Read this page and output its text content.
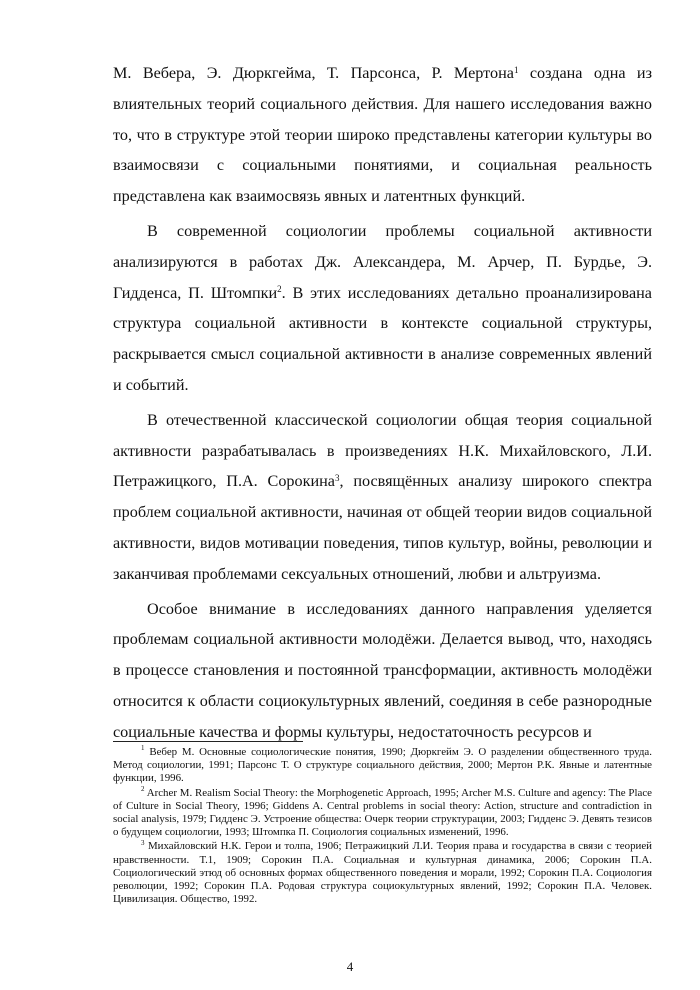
М. Вебера, Э. Дюркгейма, Т. Парсонса, Р. Мертона$^1$ создана одна из влиятельных теорий социального действия. Для нашего исследования важно то, что в структуре этой теории широко представлены категории культуры во взаимосвязи с социальными понятиями, и социальная реальность представлена как взаимосвязь явных и латентных функций.

В современной социологии проблемы социальной активности анализируются в работах Дж. Александера, М. Арчер, П. Бурдье, Э. Гидденса, П. Штомпки$^2$. В этих исследованиях детально проанализирована структура социальной активности в контексте социальной структуры, раскрывается смысл социальной активности в анализе современных явлений и событий.

В отечественной классической социологии общая теория социальной активности разрабатывалась в произведениях Н.К. Михайловского, Л.И. Петражицкого, П.А. Сорокина$^3$, посвящённых анализу широкого спектра проблем социальной активности, начиная от общей теории видов социальной активности, видов мотивации поведения, типов культур, войны, революции и заканчивая проблемами сексуальных отношений, любви и альтруизма.

Особое внимание в исследованиях данного направления уделяется проблемам социальной активности молодёжи. Делается вывод, что, находясь в процессе становления и постоянной трансформации, активность молодёжи относится к области социокультурных явлений, соединяя в себе разнородные социальные качества и формы культуры, недостаточность ресурсов и

$^1$ Вебер М. Основные социологические понятия, 1990; Дюркгейм Э. О разделении общественного труда. Метод социологии, 1991; Парсонс Т. О структуре социального действия, 2000; Мертон Р.К. Явные и латентные функции, 1996.

$^2$ Archer M. Realism Social Theory: the Morphogenetic Approach, 1995; Archer M.S. Culture and agency: The Place of Culture in Social Theory, 1996; Giddens A. Central problems in social theory: Action, structure and contradiction in social analysis, 1979; Гидденс Э. Устроение общества: Очерк теории структурации, 2003; Гидденс Э. Девять тезисов о будущем социологии, 1993; Штомпка П. Социология социальных изменений, 1996.

$^3$ Михайловский Н.К. Герои и толпа, 1906; Петражицкий Л.И. Теория права и государства в связи с теорией нравственности. Т.1, 1909; Сорокин П.А. Социальная и культурная динамика, 2006; Сорокин П.А. Социологический этюд об основных формах общественного поведения и морали, 1992; Сорокин П.А. Социология революции, 1992; Сорокин П.А. Родовая структура социокультурных явлений, 1992; Сорокин П.А. Человек. Цивилизация. Общество, 1992.

4
